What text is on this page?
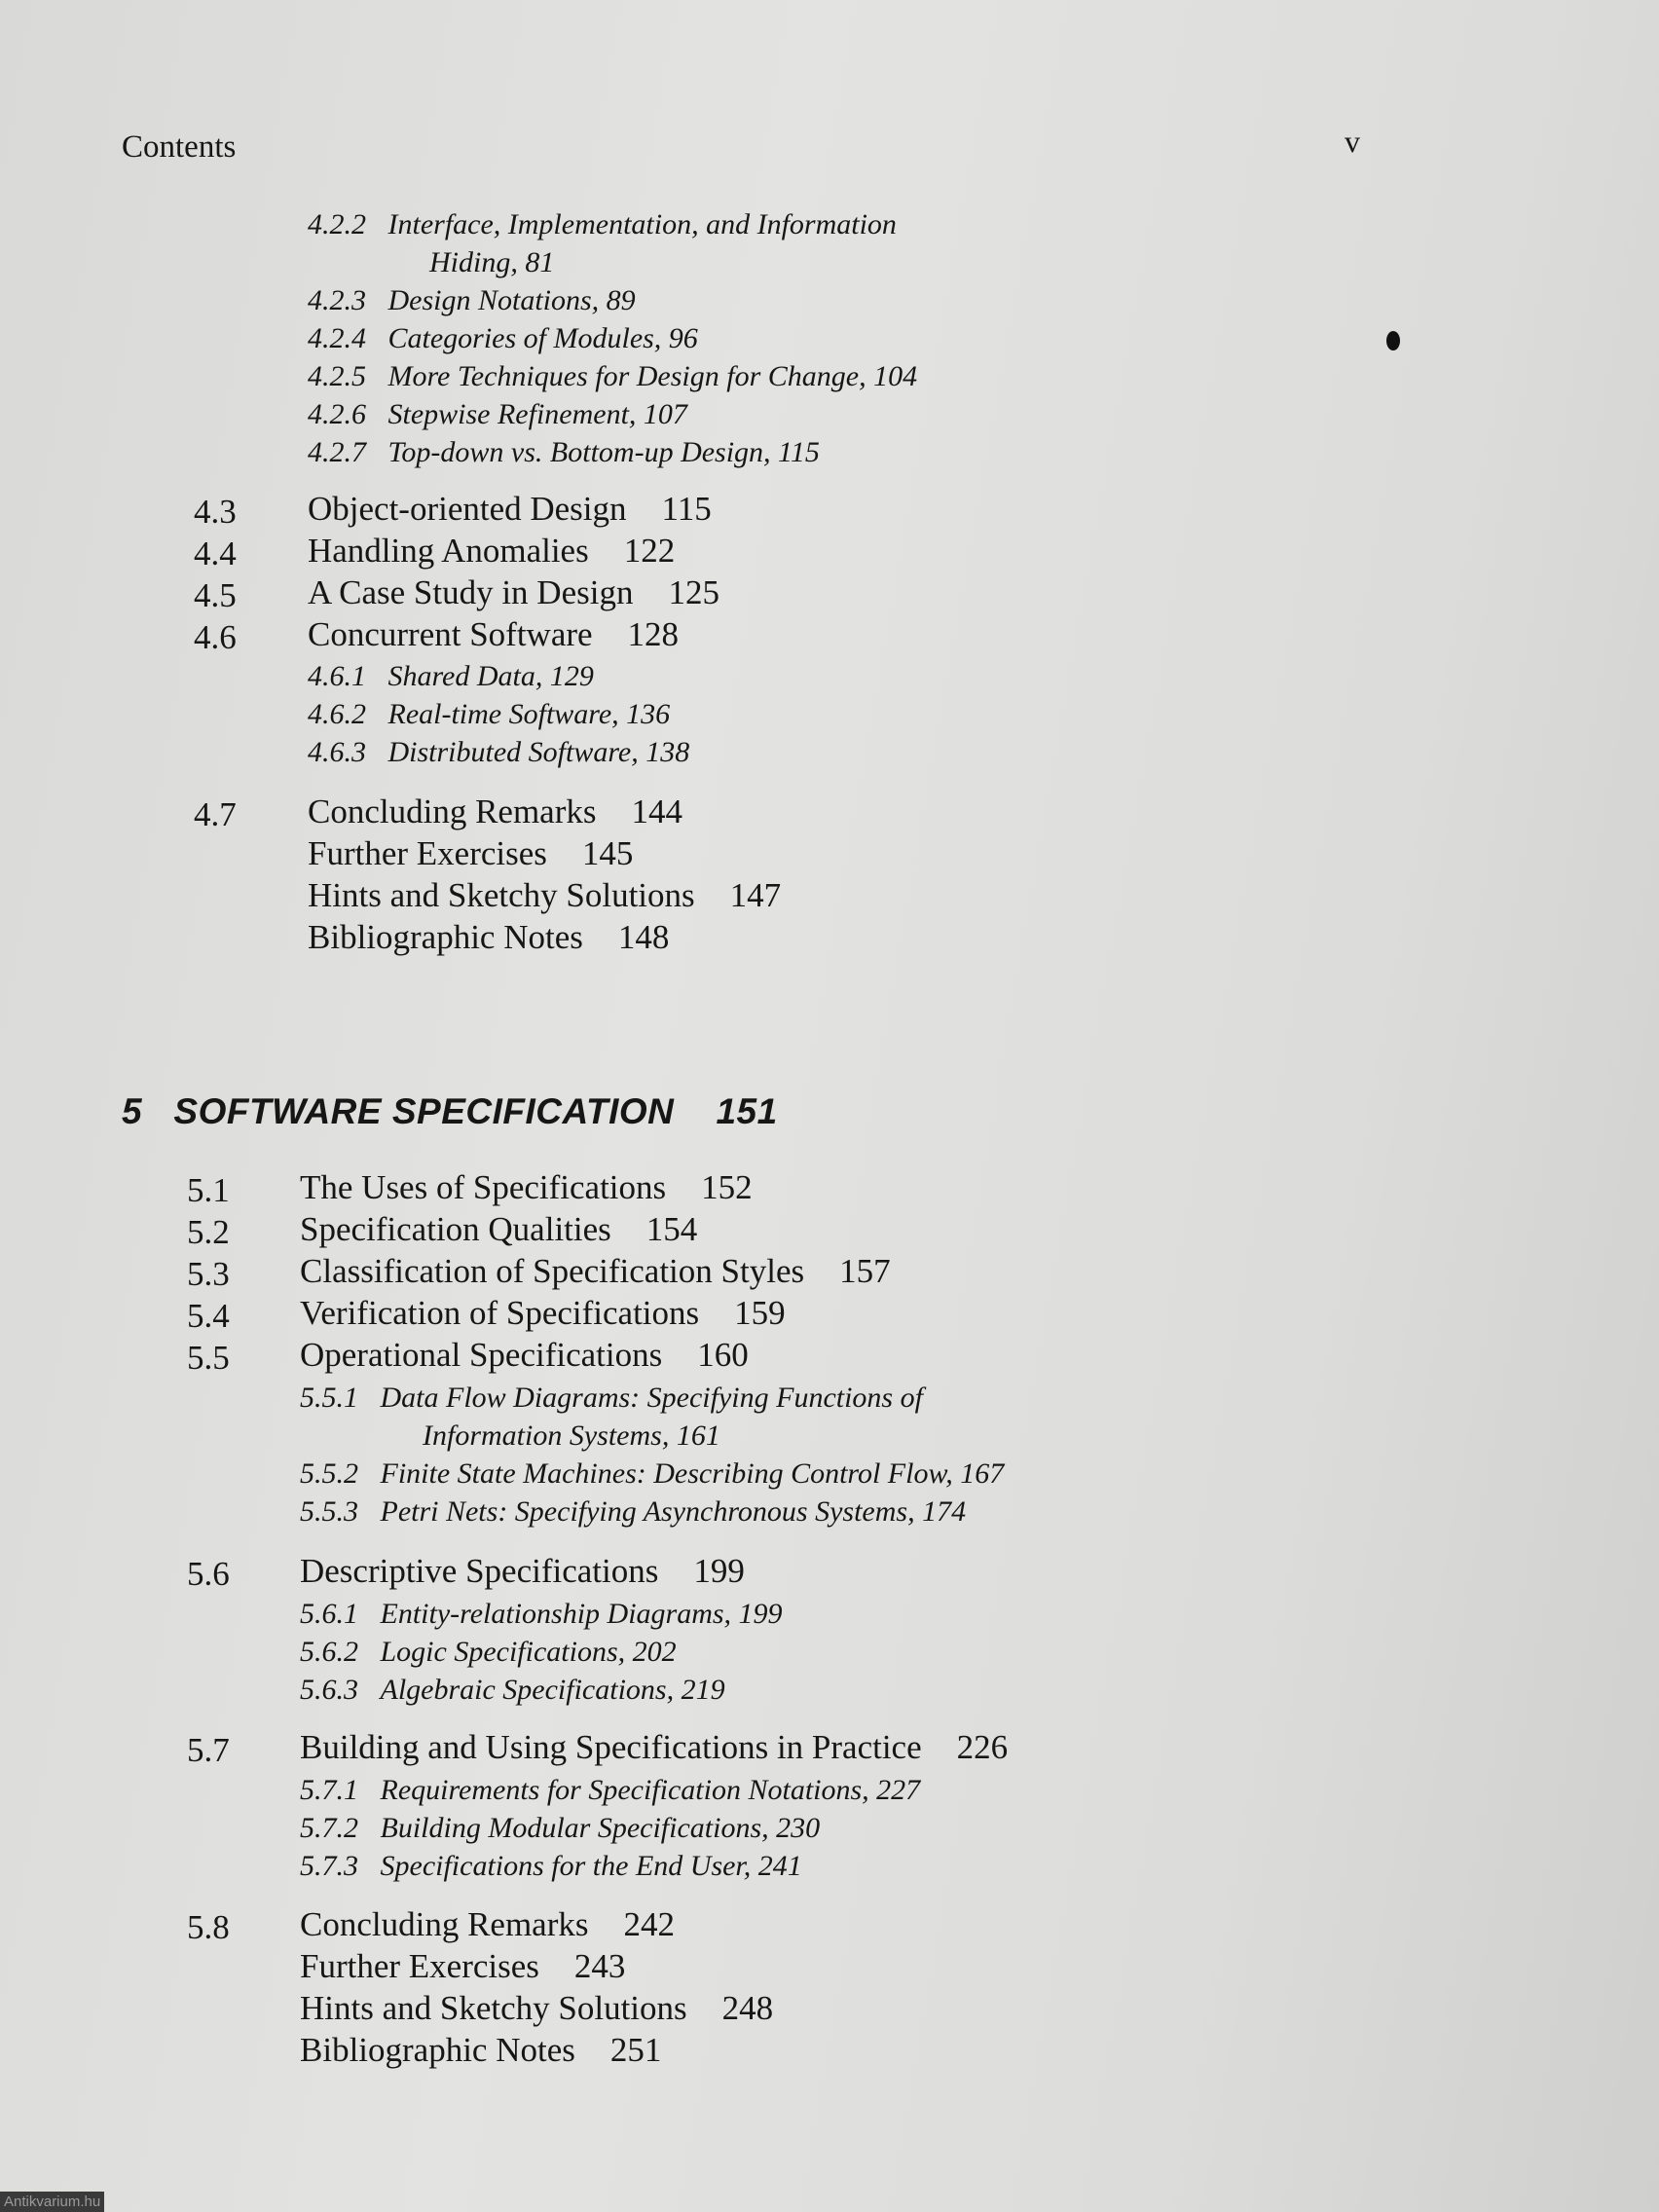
Contents	v
4.2.2 Interface, Implementation, and Information
Hiding, 81
4.2.3 Design Notations, 89
4.2.4 Categories of Modules, 96
4.2.5 More Techniques for Design for Change, 104
4.2.6 Stepwise Refinement, 107
4.2.7 Top-down vs. Bottom-up Design, 115
4.3 Object-oriented Design 115
4.4 Handling Anomalies 122
4.5 A Case Study in Design 125
4.6 Concurrent Software 128
4.6.1 Shared Data, 129
4.6.2 Real-time Software, 136
4.6.3 Distributed Software, 138
4.7 Concluding Remarks 144
Further Exercises 145
Hints and Sketchy Solutions 147
Bibliographic Notes 148
5 SOFTWARE SPECIFICATION 151
5.1 The Uses of Specifications 152
5.2 Specification Qualities 154
5.3 Classification of Specification Styles 157
5.4 Verification of Specifications 159
5.5 Operational Specifications 160
5.5.1 Data Flow Diagrams: Specifying Functions of
Information Systems, 161
5.5.2 Finite State Machines: Describing Control Flow, 167
5.5.3 Petri Nets: Specifying Asynchronous Systems, 174
5.6 Descriptive Specifications 199
5.6.1 Entity-relationship Diagrams, 199
5.6.2 Logic Specifications, 202
5.6.3 Algebraic Specifications, 219
5.7 Building and Using Specifications in Practice 226
5.7.1 Requirements for Specification Notations, 227
5.7.2 Building Modular Specifications, 230
5.7.3 Specifications for the End User, 241
5.8 Concluding Remarks 242
Further Exercises 243
Hints and Sketchy Solutions 248
Bibliographic Notes 251
Antikvarium.hu
